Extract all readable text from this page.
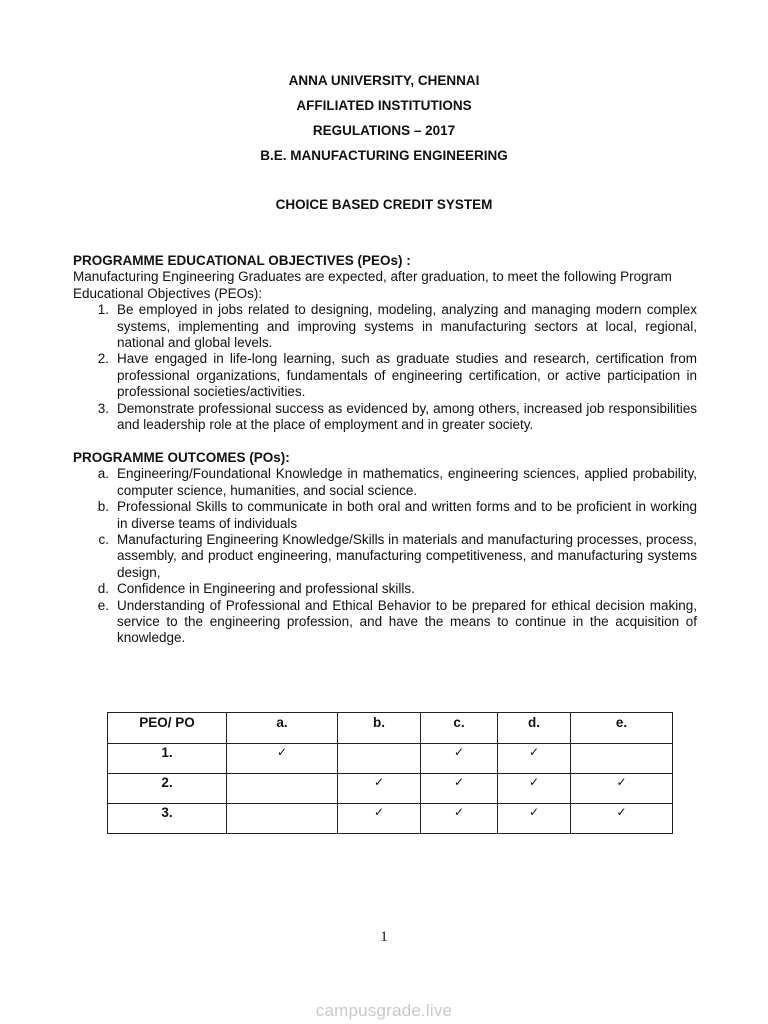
ANNA UNIVERSITY, CHENNAI
AFFILIATED INSTITUTIONS
REGULATIONS – 2017
B.E. MANUFACTURING ENGINEERING
CHOICE BASED CREDIT SYSTEM
PROGRAMME EDUCATIONAL OBJECTIVES (PEOs) :
Manufacturing Engineering Graduates are expected, after graduation, to meet the following Program Educational Objectives (PEOs):
1. Be employed in jobs related to designing, modeling, analyzing and managing modern complex systems, implementing and improving systems in manufacturing sectors at local, regional, national and global levels.
2. Have engaged in life-long learning, such as graduate studies and research, certification from professional organizations, fundamentals of engineering certification, or active participation in professional societies/activities.
3. Demonstrate professional success as evidenced by, among others, increased job responsibilities and leadership role at the place of employment and in greater society.
PROGRAMME OUTCOMES (POs):
a. Engineering/Foundational Knowledge in mathematics, engineering sciences, applied probability, computer science, humanities, and social science.
b. Professional Skills to communicate in both oral and written forms and to be proficient in working in diverse teams of individuals
c. Manufacturing Engineering Knowledge/Skills in materials and manufacturing processes, process, assembly, and product engineering, manufacturing competitiveness, and manufacturing systems design,
d. Confidence in Engineering and professional skills.
e. Understanding of Professional and Ethical Behavior to be prepared for ethical decision making, service to the engineering profession, and have the means to continue in the acquisition of knowledge.
PEO/ PO	a.	b.	c.	d.	e.
1.	✓		✓	✓	
2.		✓	✓	✓	✓
3.		✓	✓	✓	✓
1
campusgrade.live
